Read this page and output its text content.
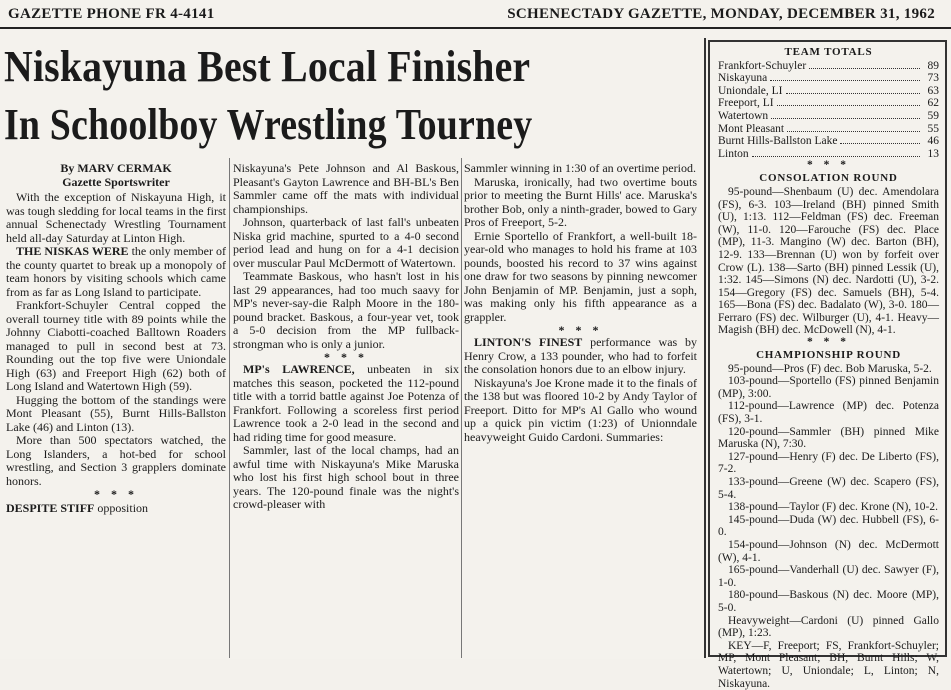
GAZETTE PHONE FR 4-4141	SCHENECTADY GAZETTE, MONDAY, DECEMBER 31, 1962
Niskayuna Best Local Finisher
In Schoolboy Wrestling Tourney

By MARV CERMAK

Gazette Sportswriter

With the exception of Niskayuna High, it was tough sledding for local teams in the first annual Schenectady Wrestling Tournament held all-day Saturday at Linton High.

THE NISKAS WERE the only member of the county quartet to break up a monopoly of team honors by visiting schools which came from as far as Long Island to participate.

Frankfort-Schuyler Central copped the overall tourney title with 89 points while the Johnny Ciabotti-coached Balltown Roaders managed to pull in second best at 73. Rounding out the top five were Uniondale High (63) and Freeport High (62) both of Long Island and Watertown High (59).

Hugging the bottom of the standings were Mont Pleasant (55), Burnt Hills-Ballston Lake (46) and Linton (13).

More than 500 spectators watched, the Long Islanders, a hot-bed for school wrestling, and Section 3 grapplers dominate honors.

* * *

DESPITE STIFF opposition

Niskayuna's Pete Johnson and Al Baskous, Pleasant's Gayton Lawrence and BH-BL's Ben Sammler came off the mats with individual championships.

Johnson, quarterback of last fall's unbeaten Niska grid machine, spurted to a 4-0 second period lead and hung on for a 4-1 decision over muscular Paul McDermott of Watertown.

Teammate Baskous, who hasn't lost in his last 29 appearances, had too much saavy for MP's never-say-die Ralph Moore in the 180-pound bracket. Baskous, a four-year vet, took a 5-0 decision from the MP fullback-strongman who is only a junior.

* * *

MP's LAWRENCE, unbeaten in six matches this season, pocketed the 112-pound title with a torrid battle against Joe Potenza of Frankfort. Following a scoreless first period Lawrence took a 2-0 lead in the second and had riding time for good measure.

Sammler, last of the local champs, had an awful time with Niskayuna's Mike Maruska who lost his first high school bout in three years. The 120-pound finale was the night's crowd-pleaser with

Sammler winning in 1:30 of an overtime period.

Maruska, ironically, had two overtime bouts prior to meeting the Burnt Hills' ace. Maruska's brother Bob, only a ninth-grader, bowed to Gary Pros of Freeport, 5-2.

Ernie Sportello of Frankfort, a well-built 18-year-old who manages to hold his frame at 103 pounds, boosted his record to 37 wins against one draw for two seasons by pinning newcomer John Benjamin of MP. Benjamin, just a soph, was making only his fifth appearance as a grappler.

* * *

LINTON'S FINEST performance was by Henry Crow, a 133 pounder, who had to forfeit the consolation honors due to an elbow injury.

Niskayuna's Joe Krone made it to the finals of the 138 but was floored 10-2 by Andy Taylor of Freeport. Ditto for MP's Al Gallo who wound up a quick pin victim (1:23) of Unionndale heavyweight Guido Cardoni. Summaries:

TEAM TOTALS
Frankfort-Schuyler	89
Niskayuna	73
Uniondale, LI	63
Freeport, LI	62
Watertown	59
Mont Pleasant	55
Burnt Hills-Ballston Lake	46
Linton	13
* * *
CONSOLATION ROUND

95-pound—Shenbaum (U) dec. Amendolara (FS), 6-3. 103—Ireland (BH) pinned Smith (U), 1:13. 112—Feldman (FS) dec. Freeman (W), 11-0. 120—Farouche (FS) dec. Place (MP), 11-3. Mangino (W) dec. Barton (BH), 12-9. 133—Brennan (U) won by forfeit over Crow (L). 138—Sarto (BH) pinned Lessik (U), 1:32. 145—Simons (N) dec. Nardotti (U), 3-2. 154—Gregory (FS) dec. Samuels (BH), 5-4. 165—Bona (FS) dec. Badalato (W), 3-0. 180—Ferraro (FS) dec. Wilburger (U), 4-1. Heavy—Magish (BH) dec. McDowell (N), 4-1.

* * *
CHAMPIONSHIP ROUND

95-pound—Pros (F) dec. Bob Maruska, 5-2.

103-pound—Sportello (FS) pinned Benjamin (MP), 3:00.

112-pound—Lawrence (MP) dec. Potenza (FS), 3-1.

120-pound—Sammler (BH) pinned Mike Maruska (N), 7:30.

127-pound—Henry (F) dec. De Liberto (FS), 7-2.

133-pound—Greene (W) dec. Scapero (FS), 5-4.

138-pound—Taylor (F) dec. Krone (N), 10-2.

145-pound—Duda (W) dec. Hubbell (FS), 6-0.

154-pound—Johnson (N) dec. McDermott (W), 4-1.

165-pound—Vanderhall (U) dec. Sawyer (F), 1-0.

180-pound—Baskous (N) dec. Moore (MP), 5-0.

Heavyweight—Cardoni (U) pinned Gallo (MP), 1:23.

KEY—F, Freeport; FS, Frankfort-Schuyler; MP, Mont Pleasant; BH, Burnt Hills; W, Watertown; U, Uniondale; L, Linton; N, Niskayuna.
